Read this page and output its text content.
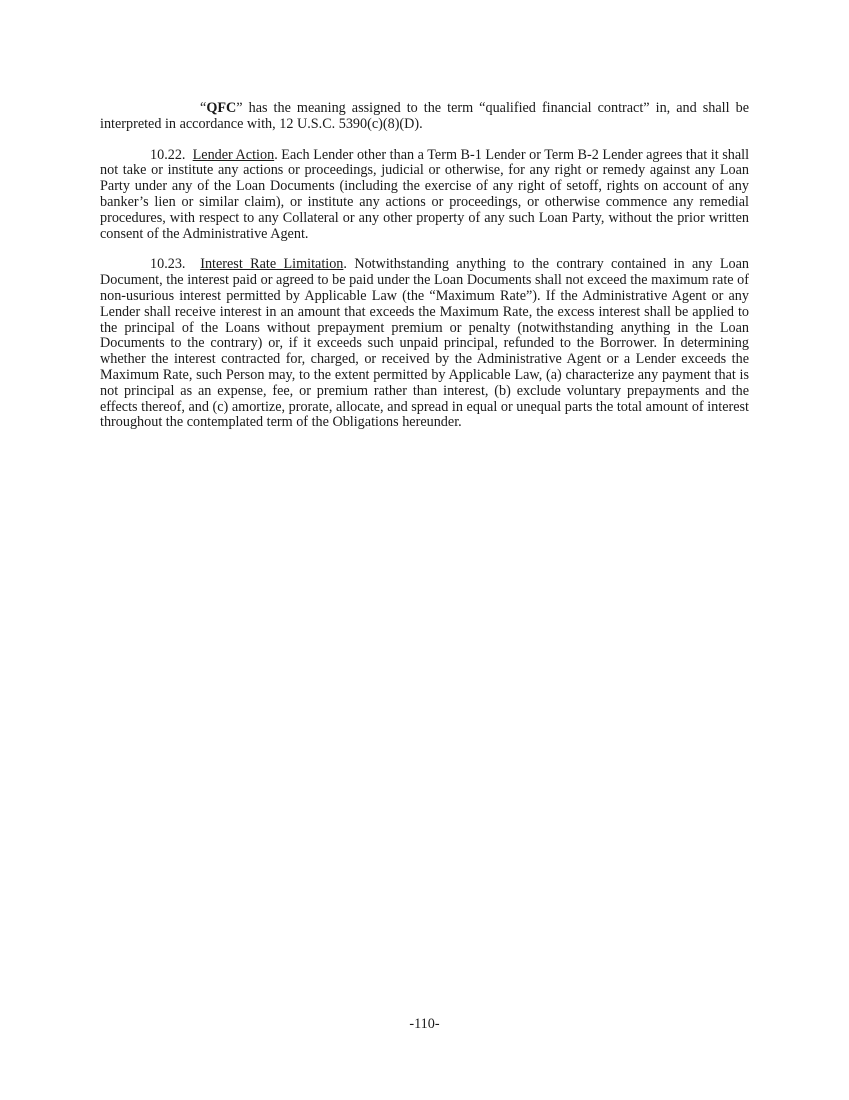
“QFC” has the meaning assigned to the term “qualified financial contract” in, and shall be interpreted in accordance with, 12 U.S.C. 5390(c)(8)(D).

10.22. Lender Action. Each Lender other than a Term B-1 Lender or Term B-2 Lender agrees that it shall not take or institute any actions or proceedings, judicial or otherwise, for any right or remedy against any Loan Party under any of the Loan Documents (including the exercise of any right of setoff, rights on account of any banker’s lien or similar claim), or institute any actions or proceedings, or otherwise commence any remedial procedures, with respect to any Collateral or any other property of any such Loan Party, without the prior written consent of the Administrative Agent.

10.23. Interest Rate Limitation. Notwithstanding anything to the contrary contained in any Loan Document, the interest paid or agreed to be paid under the Loan Documents shall not exceed the maximum rate of non-usurious interest permitted by Applicable Law (the “Maximum Rate”). If the Administrative Agent or any Lender shall receive interest in an amount that exceeds the Maximum Rate, the excess interest shall be applied to the principal of the Loans without prepayment premium or penalty (notwithstanding anything in the Loan Documents to the contrary) or, if it exceeds such unpaid principal, refunded to the Borrower. In determining whether the interest contracted for, charged, or received by the Administrative Agent or a Lender exceeds the Maximum Rate, such Person may, to the extent permitted by Applicable Law, (a) characterize any payment that is not principal as an expense, fee, or premium rather than interest, (b) exclude voluntary prepayments and the effects thereof, and (c) amortize, prorate, allocate, and spread in equal or unequal parts the total amount of interest throughout the contemplated term of the Obligations hereunder.

-110-
